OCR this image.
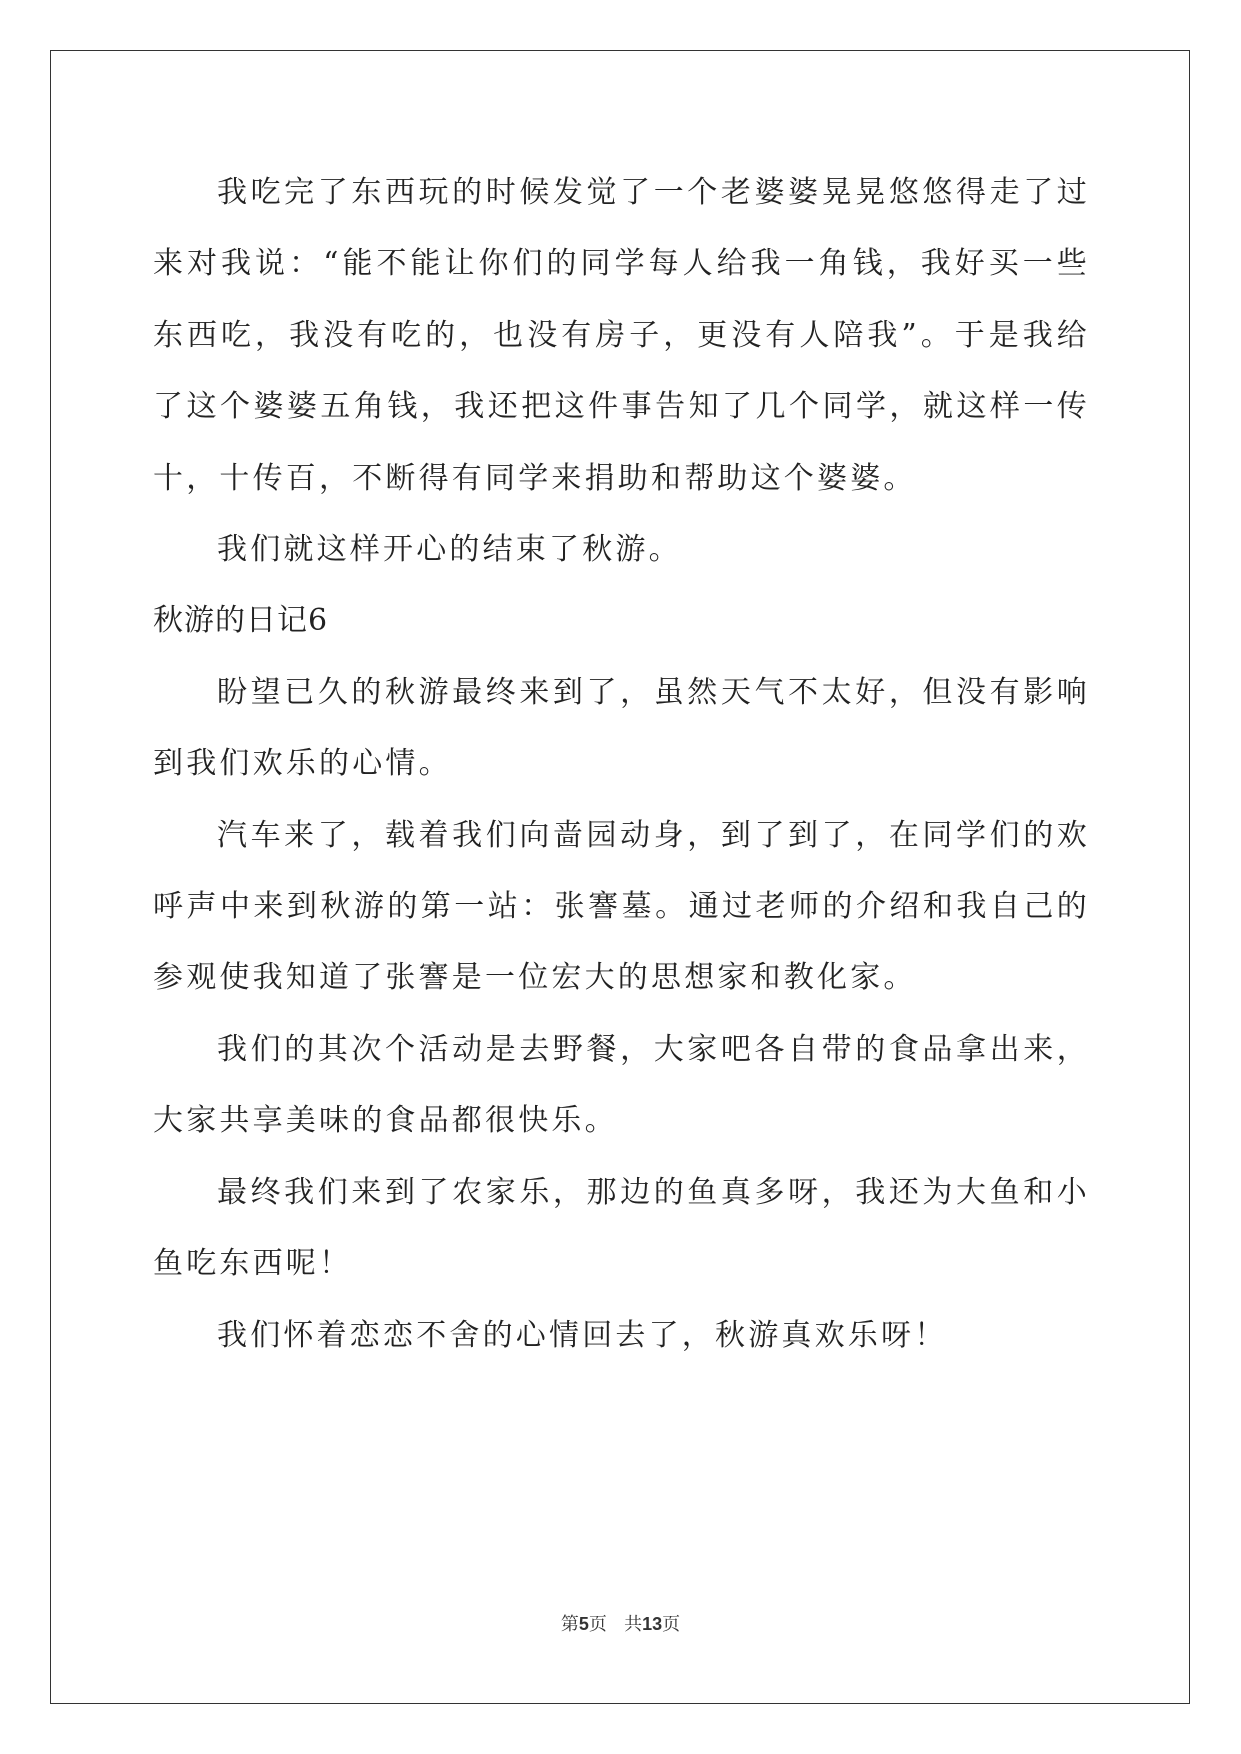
我吃完了东西玩的时候发觉了一个老婆婆晃晃悠悠得走了过来对我说：“能不能让你们的同学每人给我一角钱，我好买一些东西吃，我没有吃的，也没有房子，更没有人陪我”。于是我给了这个婆婆五角钱，我还把这件事告知了几个同学，就这样一传十，十传百，不断得有同学来捐助和帮助这个婆婆。

我们就这样开心的结束了秋游。

秋游的日记6

盼望已久的秋游最终来到了，虽然天气不太好，但没有影响到我们欢乐的心情。

汽车来了，载着我们向啬园动身，到了到了，在同学们的欢呼声中来到秋游的第一站：张謇墓。通过老师的介绍和我自己的参观使我知道了张謇是一位宏大的思想家和教化家。

我们的其次个活动是去野餐，大家吧各自带的食品拿出来，大家共享美味的食品都很快乐。

最终我们来到了农家乐，那边的鱼真多呀，我还为大鱼和小鱼吃东西呢！

我们怀着恋恋不舍的心情回去了，秋游真欢乐呀！

第5页 共13页
